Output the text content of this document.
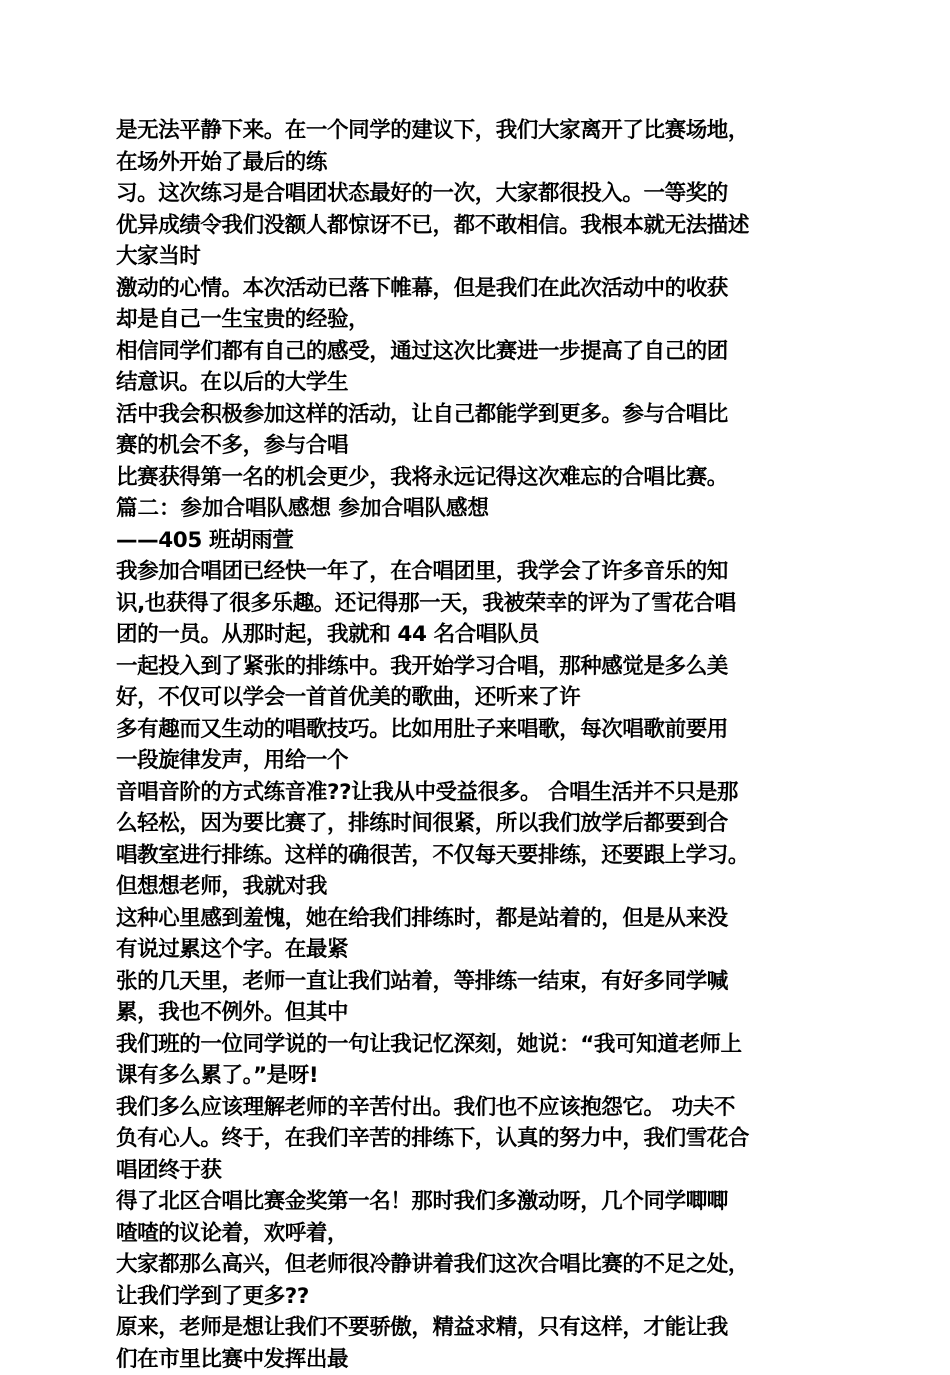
是无法平静下来。在一个同学的建议下，我们大家离开了比赛场地，
在场外开始了最后的练
习。这次练习是合唱团状态最好的一次，大家都很投入。一等奖的
优异成绩令我们没额人都惊讶不已，都不敢相信。我根本就无法描述
大家当时
激动的心情。本次活动已落下帷幕，但是我们在此次活动中的收获
却是自己一生宝贵的经验，
相信同学们都有自己的感受，通过这次比赛进一步提高了自己的团
结意识。在以后的大学生
活中我会积极参加这样的活动，让自己都能学到更多。参与合唱比
赛的机会不多，参与合唱
比赛获得第一名的机会更少，我将永远记得这次难忘的合唱比赛。
篇二：参加合唱队感想 参加合唱队感想
——405 班胡雨萱
我参加合唱团已经快一年了，在合唱团里，我学会了许多音乐的知
识,也获得了很多乐趣。还记得那一天，我被荣幸的评为了雪花合唱
团的一员。从那时起，我就和 44 名合唱队员
一起投入到了紧张的排练中。我开始学习合唱，那种感觉是多么美
好，不仅可以学会一首首优美的歌曲，还听来了许
多有趣而又生动的唱歌技巧。比如用肚子来唱歌，每次唱歌前要用
一段旋律发声，用给一个
音唱音阶的方式练音准??让我从中受益很多。 合唱生活并不只是那
么轻松，因为要比赛了，排练时间很紧，所以我们放学后都要到合
唱教室进行排练。这样的确很苦，不仅每天要排练，还要跟上学习。
但想想老师，我就对我
这种心里感到羞愧，她在给我们排练时，都是站着的，但是从来没
有说过累这个字。在最紧
张的几天里，老师一直让我们站着，等排练一结束，有好多同学喊
累，我也不例外。但其中
我们班的一位同学说的一句让我记忆深刻，她说：“我可知道老师上
课有多么累了。”是呀!
我们多么应该理解老师的辛苦付出。我们也不应该抱怨它。 功夫不
负有心人。终于，在我们辛苦的排练下，认真的努力中，我们雪花合
唱团终于获
得了北区合唱比赛金奖第一名！那时我们多激动呀，几个同学唧唧
喳喳的议论着，欢呼着，
大家都那么高兴，但老师很冷静讲着我们这次合唱比赛的不足之处，
让我们学到了更多??
原来，老师是想让我们不要骄傲，精益求精，只有这样，才能让我
们在市里比赛中发挥出最
